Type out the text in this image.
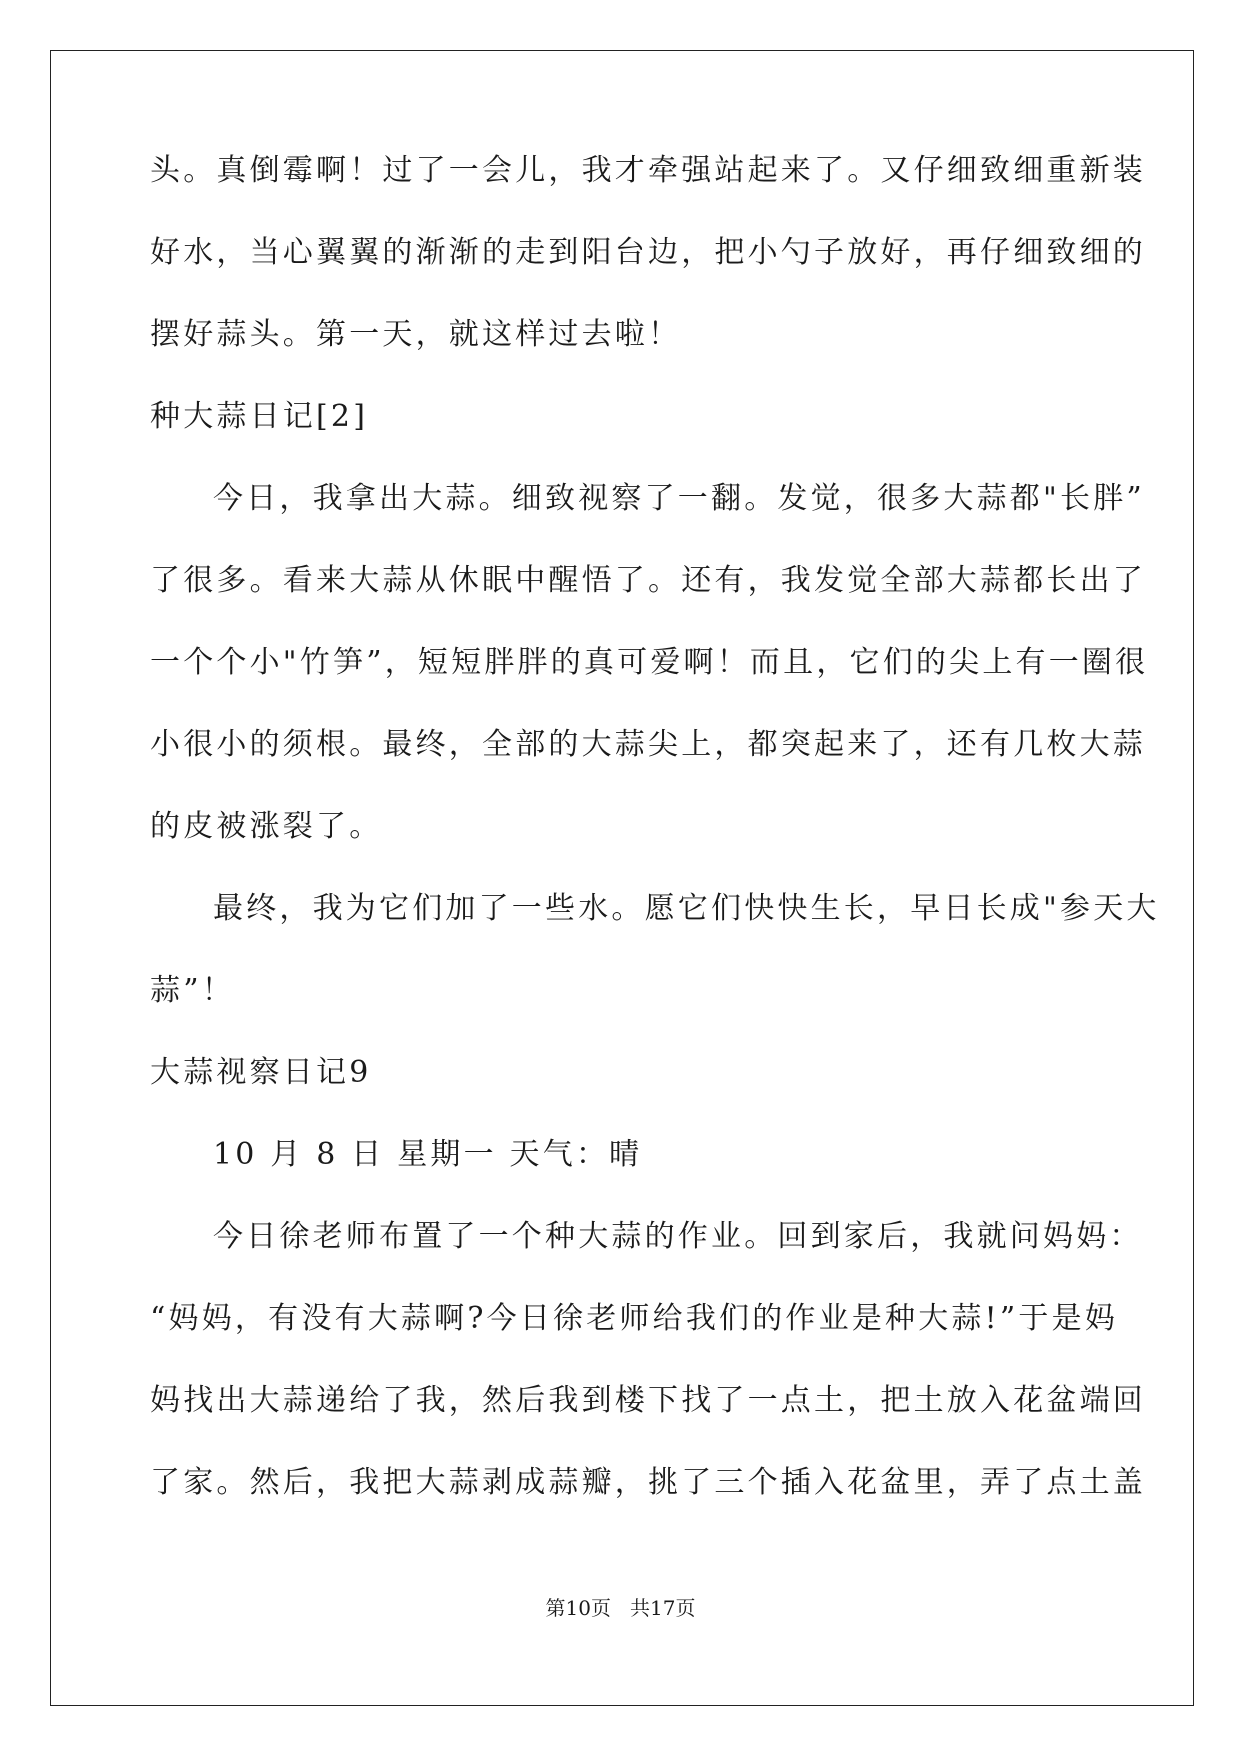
头。真倒霉啊！过了一会儿，我才牵强站起来了。又仔细致细重新装
好水，当心翼翼的渐渐的走到阳台边，把小勺子放好，再仔细致细的
摆好蒜头。第一天，就这样过去啦！
种大蒜日记[2]
今日，我拿出大蒜。细致视察了一翻。发觉，很多大蒜都"长胖”
了很多。看来大蒜从休眠中醒悟了。还有，我发觉全部大蒜都长出了
一个个小"竹笋”，短短胖胖的真可爱啊！而且，它们的尖上有一圈很
小很小的须根。最终，全部的大蒜尖上，都突起来了，还有几枚大蒜
的皮被涨裂了。
最终，我为它们加了一些水。愿它们快快生长，早日长成"参天大
蒜”！
大蒜视察日记9
10 月 8 日 星期一 天气：晴
今日徐老师布置了一个种大蒜的作业。回到家后，我就问妈妈：
“妈妈，有没有大蒜啊?今日徐老师给我们的作业是种大蒜!”于是妈
妈找出大蒜递给了我，然后我到楼下找了一点土，把土放入花盆端回
了家。然后，我把大蒜剥成蒜瓣，挑了三个插入花盆里，弄了点土盖
第10页   共17页
